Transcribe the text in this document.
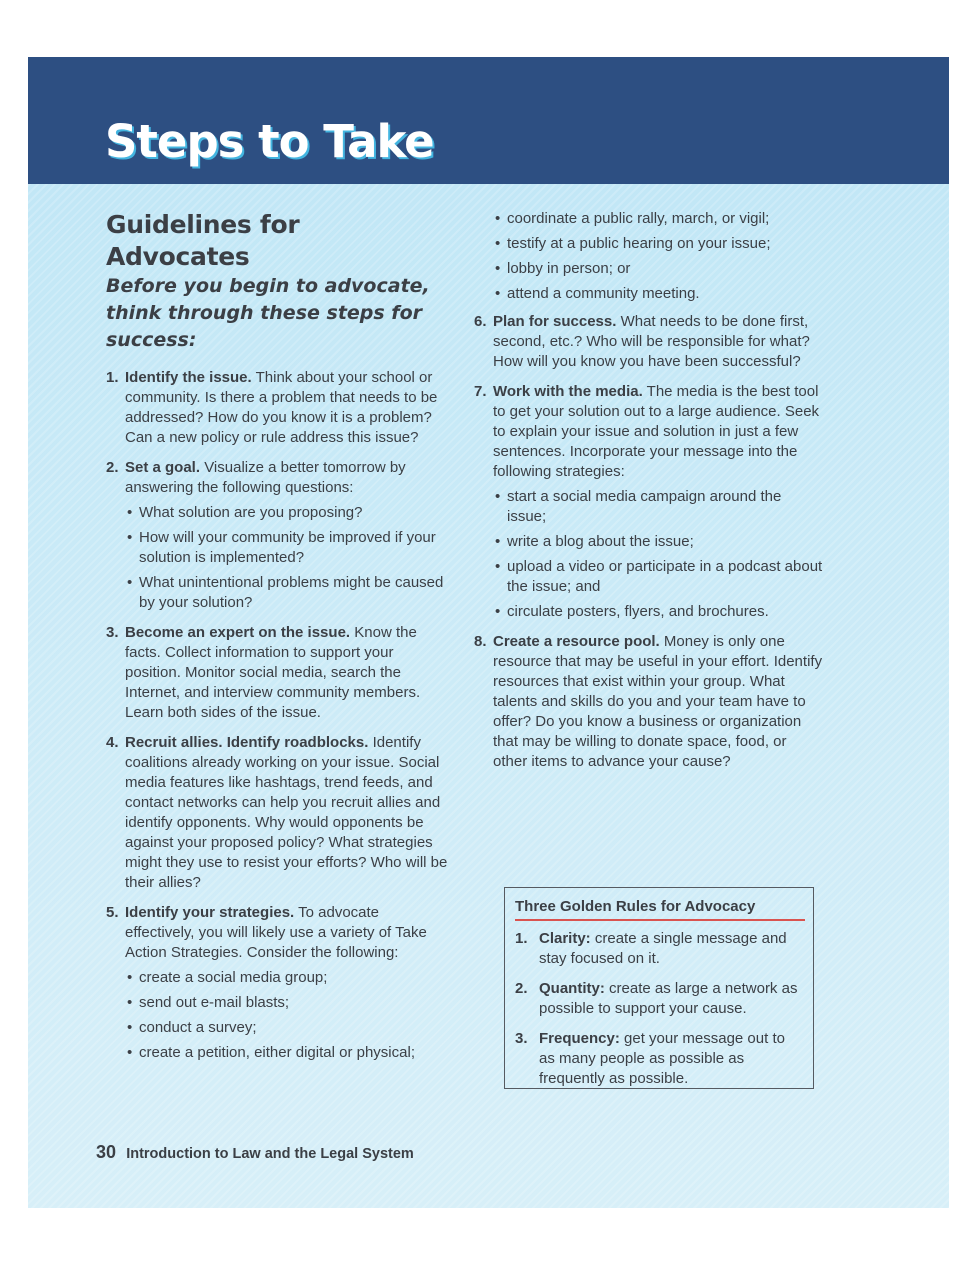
Steps to Take
Guidelines for Advocates

Before you begin to advocate, think through these steps for success:

1. Identify the issue. Think about your school or community. Is there a problem that needs to be addressed? How do you know it is a problem? Can a new policy or rule address this issue?
2. Set a goal. Visualize a better tomorrow by answering the following questions:
• What solution are you proposing?
• How will your community be improved if your solution is implemented?
• What unintentional problems might be caused by your solution?
3. Become an expert on the issue. Know the facts. Collect information to support your position. Monitor social media, search the Internet, and interview community members. Learn both sides of the issue.
4. Recruit allies. Identify roadblocks. Identify coalitions already working on your issue. Social media features like hashtags, trend feeds, and contact networks can help you recruit allies and identify opponents. Why would opponents be against your proposed policy? What strategies might they use to resist your efforts? Who will be their allies?
5. Identify your strategies. To advocate effectively, you will likely use a variety of Take Action Strategies. Consider the following:
• create a social media group;
• send out e-mail blasts;
• conduct a survey;
• create a petition, either digital or physical;
• coordinate a public rally, march, or vigil;
• testify at a public hearing on your issue;
• lobby in person; or
• attend a community meeting.
6. Plan for success. What needs to be done first, second, etc.? Who will be responsible for what? How will you know you have been successful?
7. Work with the media. The media is the best tool to get your solution out to a large audience. Seek to explain your issue and solution in just a few sentences. Incorporate your message into the following strategies:
• start a social media campaign around the issue;
• write a blog about the issue;
• upload a video or participate in a podcast about the issue; and
• circulate posters, flyers, and brochures.
8. Create a resource pool. Money is only one resource that may be useful in your effort. Identify resources that exist within your group. What talents and skills do you and your team have to offer? Do you know a business or organization that may be willing to donate space, food, or other items to advance your cause?
Three Golden Rules for Advocacy
1. Clarity: create a single message and stay focused on it.
2. Quantity: create as large a network as possible to support your cause.
3. Frequency: get your message out to as many people as possible as frequently as possible.
30 Introduction to Law and the Legal System
